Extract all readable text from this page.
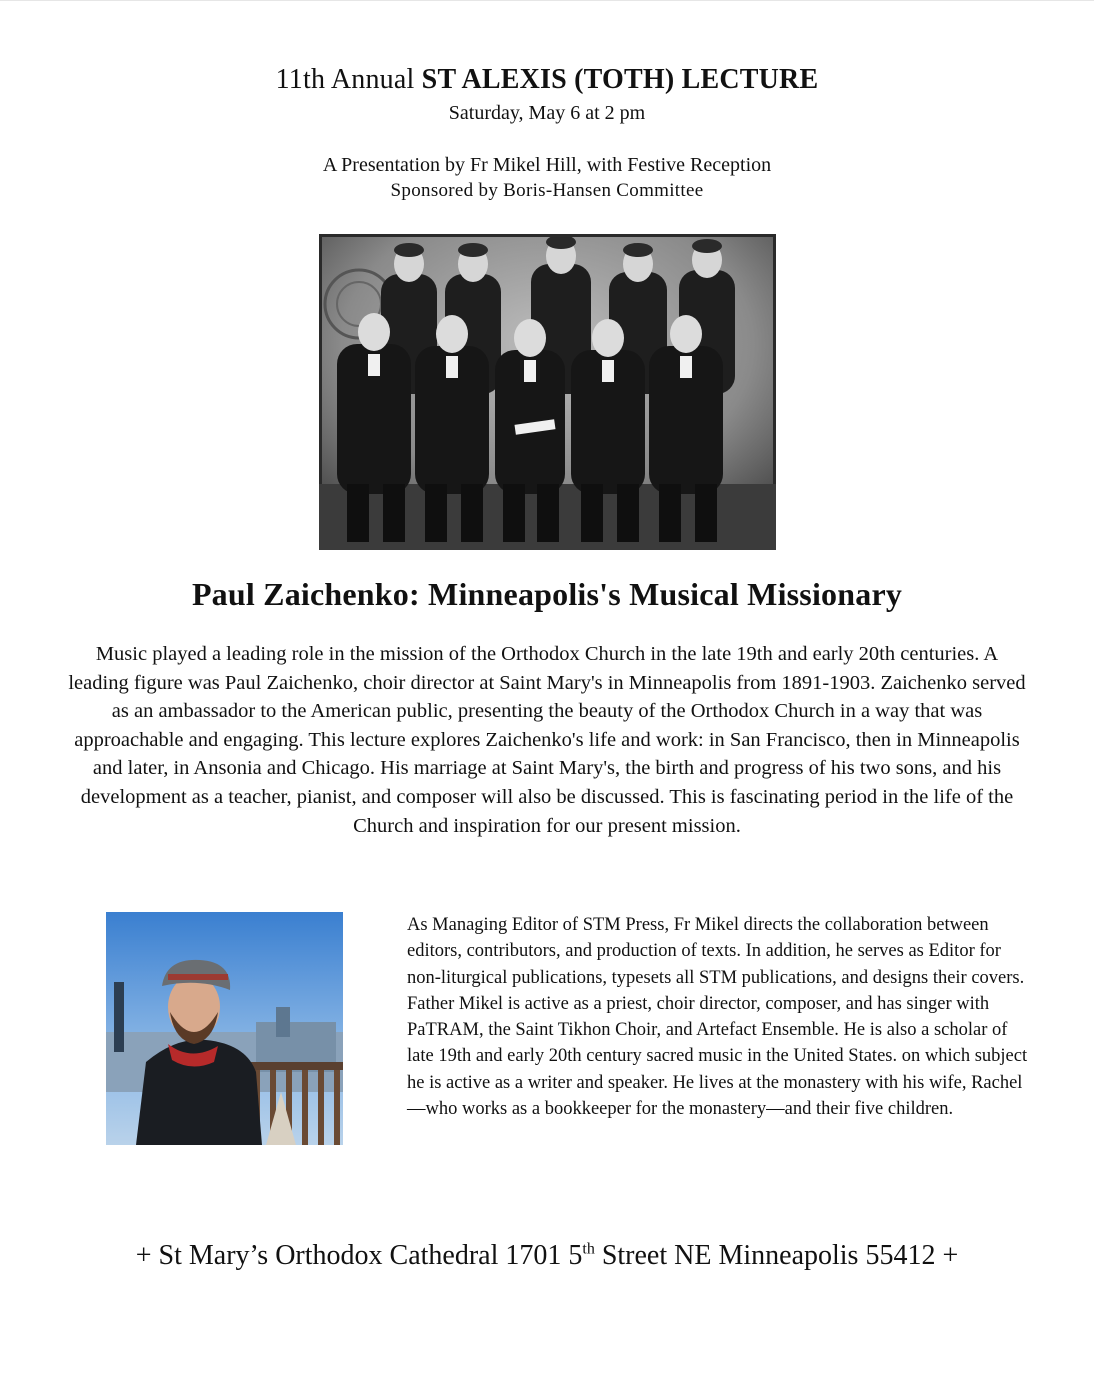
11th Annual ST ALEXIS (TOTH) LECTURE
Saturday, May 6 at 2 pm
A Presentation by Fr Mikel Hill, with Festive Reception
Sponsored by Boris-Hansen Committee
Paul Zaichenko: Minneapolis's Musical Missionary
Music played a leading role in the mission of the Orthodox Church in the late 19th and early 20th centuries. A leading figure was Paul Zaichenko, choir director at Saint Mary's in Minneapolis from 1891-1903. Zaichenko served as an ambassador to the American public, presenting the beauty of the Orthodox Church in a way that was approachable and engaging. This lecture explores Zaichenko's life and work: in San Francisco, then in Minneapolis and later, in Ansonia and Chicago. His marriage at Saint Mary's, the birth and progress of his two sons, and his development as a teacher, pianist, and composer will also be discussed. This is fascinating period in the life of the Church and inspiration for our present mission.
As Managing Editor of STM Press, Fr Mikel directs the collaboration between editors, contributors, and production of texts. In addition, he serves as Editor for non-liturgical publications, typesets all STM publications, and designs their covers. Father Mikel is active as a priest, choir director, composer, and has singer with PaTRAM, the Saint Tikhon Choir, and Artefact Ensemble. He is also a scholar of late 19th and early 20th century sacred music in the United States. on which subject he is active as a writer and speaker. He lives at the monastery with his wife, Rachel—who works as a bookkeeper for the monastery—and their five children.
+ St Mary’s Orthodox Cathedral 1701 5th Street NE Minneapolis 55412 +
